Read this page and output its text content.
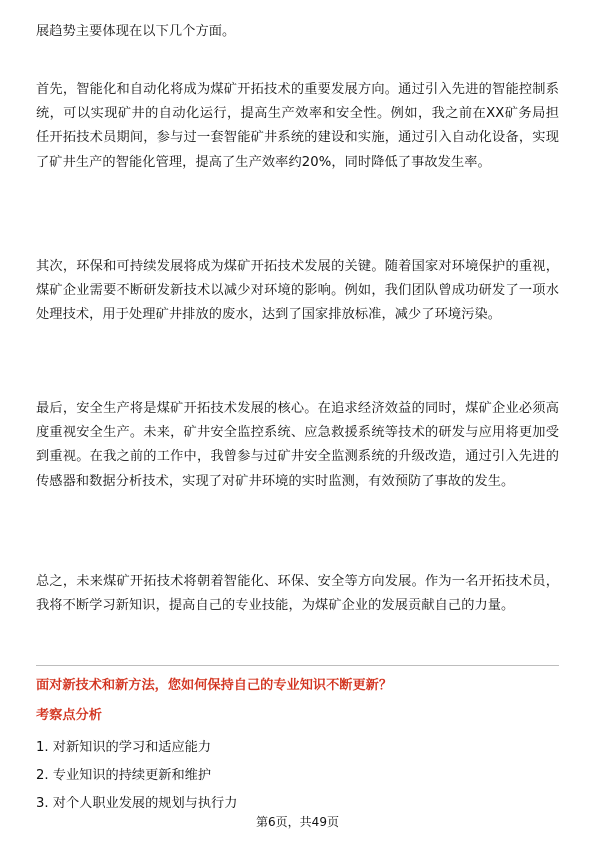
展趋势主要体现在以下几个方面。

首先，智能化和自动化将成为煤矿开拓技术的重要发展方向。通过引入先进的智能控制系统，可以实现矿井的自动化运行，提高生产效率和安全性。例如，我之前在XX矿务局担任开拓技术员期间，参与过一套智能矿井系统的建设和实施，通过引入自动化设备，实现了矿井生产的智能化管理，提高了生产效率约20%，同时降低了事故发生率。

其次，环保和可持续发展将成为煤矿开拓技术发展的关键。随着国家对环境保护的重视，煤矿企业需要不断研发新技术以减少对环境的影响。例如，我们团队曾成功研发了一项水处理技术，用于处理矿井排放的废水，达到了国家排放标准，减少了环境污染。

最后，安全生产将是煤矿开拓技术发展的核心。在追求经济效益的同时，煤矿企业必须高度重视安全生产。未来，矿井安全监控系统、应急救援系统等技术的研发与应用将更加受到重视。在我之前的工作中，我曾参与过矿井安全监测系统的升级改造，通过引入先进的传感器和数据分析技术，实现了对矿井环境的实时监测，有效预防了事故的发生。

总之，未来煤矿开拓技术将朝着智能化、环保、安全等方向发展。作为一名开拓技术员，我将不断学习新知识，提高自己的专业技能，为煤矿企业的发展贡献自己的力量。

面对新技术和新方法，您如何保持自己的专业知识不断更新？

考察点分析

1. 对新知识的学习和适应能力
2. 专业知识的持续更新和维护
3. 对个人职业发展的规划与执行力
第6页，共49页
